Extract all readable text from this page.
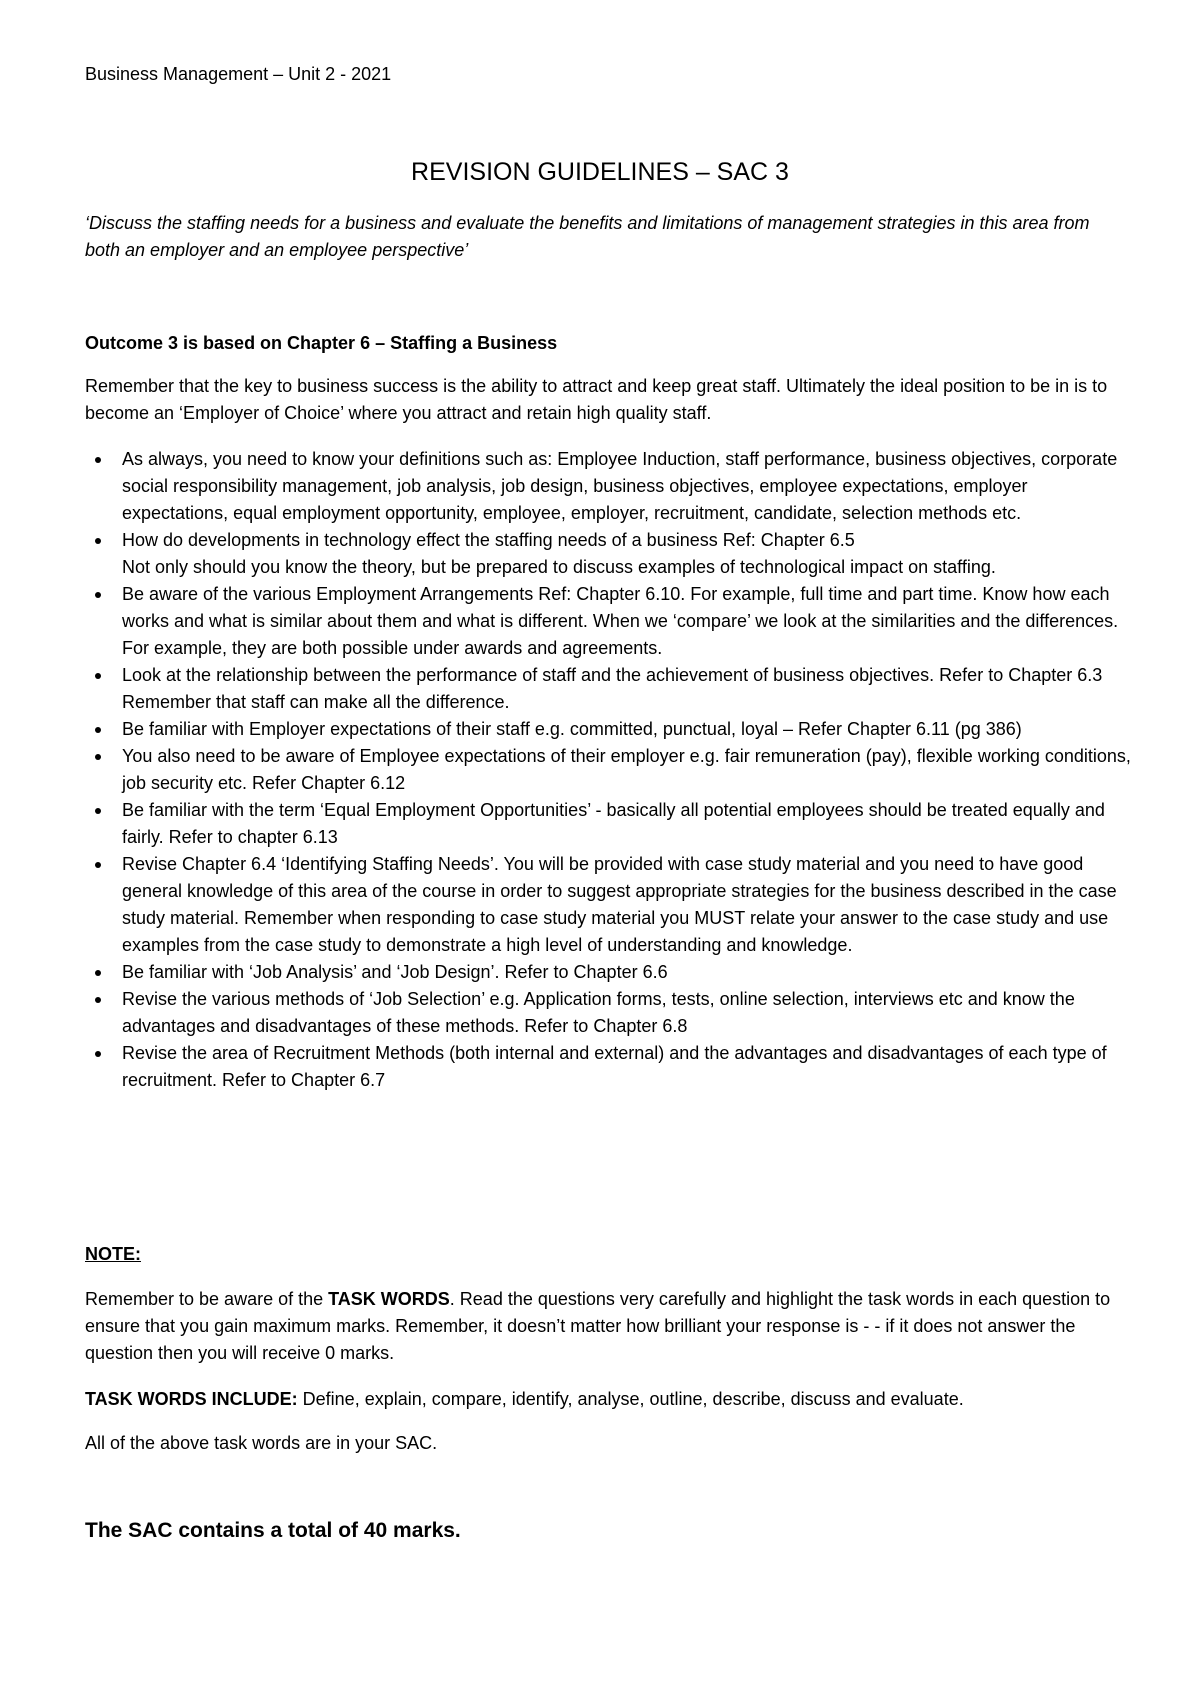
Business Management – Unit 2 - 2021
REVISION GUIDELINES – SAC 3
‘Discuss the staffing needs for a business and evaluate the benefits and limitations of management strategies in this area from both an employer and an employee perspective’
Outcome 3 is based on Chapter 6 – Staffing a Business
Remember that the key to business success is the ability to attract and keep great staff. Ultimately the ideal position to be in is to become an ‘Employer of Choice’ where you attract and retain high quality staff.
As always, you need to know your definitions such as: Employee Induction, staff performance, business objectives, corporate social responsibility management, job analysis, job design, business objectives, employee expectations, employer expectations, equal employment opportunity, employee, employer, recruitment, candidate, selection methods etc.
How do developments in technology effect the staffing needs of a business Ref: Chapter 6.5
Not only should you know the theory, but be prepared to discuss examples of technological impact on staffing.
Be aware of the various Employment Arrangements Ref: Chapter 6.10. For example, full time and part time. Know how each works and what is similar about them and what is different. When we ‘compare’ we look at the similarities and the differences. For example, they are both possible under awards and agreements.
Look at the relationship between the performance of staff and the achievement of business objectives. Refer to Chapter 6.3 Remember that staff can make all the difference.
Be familiar with Employer expectations of their staff e.g. committed, punctual, loyal – Refer Chapter 6.11 (pg 386)
You also need to be aware of Employee expectations of their employer e.g. fair remuneration (pay), flexible working conditions, job security etc. Refer Chapter 6.12
Be familiar with the term ‘Equal Employment Opportunities’ - basically all potential employees should be treated equally and fairly. Refer to chapter 6.13
Revise Chapter 6.4 ‘Identifying Staffing Needs’. You will be provided with case study material and you need to have good general knowledge of this area of the course in order to suggest appropriate strategies for the business described in the case study material. Remember when responding to case study material you MUST relate your answer to the case study and use examples from the case study to demonstrate a high level of understanding and knowledge.
Be familiar with ‘Job Analysis’ and ‘Job Design’. Refer to Chapter 6.6
Revise the various methods of ‘Job Selection’ e.g. Application forms, tests, online selection, interviews etc and know the advantages and disadvantages of these methods. Refer to Chapter 6.8
Revise the area of Recruitment Methods (both internal and external) and the advantages and disadvantages of each type of recruitment. Refer to Chapter 6.7
NOTE:
Remember to be aware of the TASK WORDS. Read the questions very carefully and highlight the task words in each question to ensure that you gain maximum marks. Remember, it doesn’t matter how brilliant your response is - - if it does not answer the question then you will receive 0 marks.
TASK WORDS INCLUDE: Define, explain, compare, identify, analyse, outline, describe, discuss and evaluate.
All of the above task words are in your SAC.
The SAC contains a total of 40 marks.
